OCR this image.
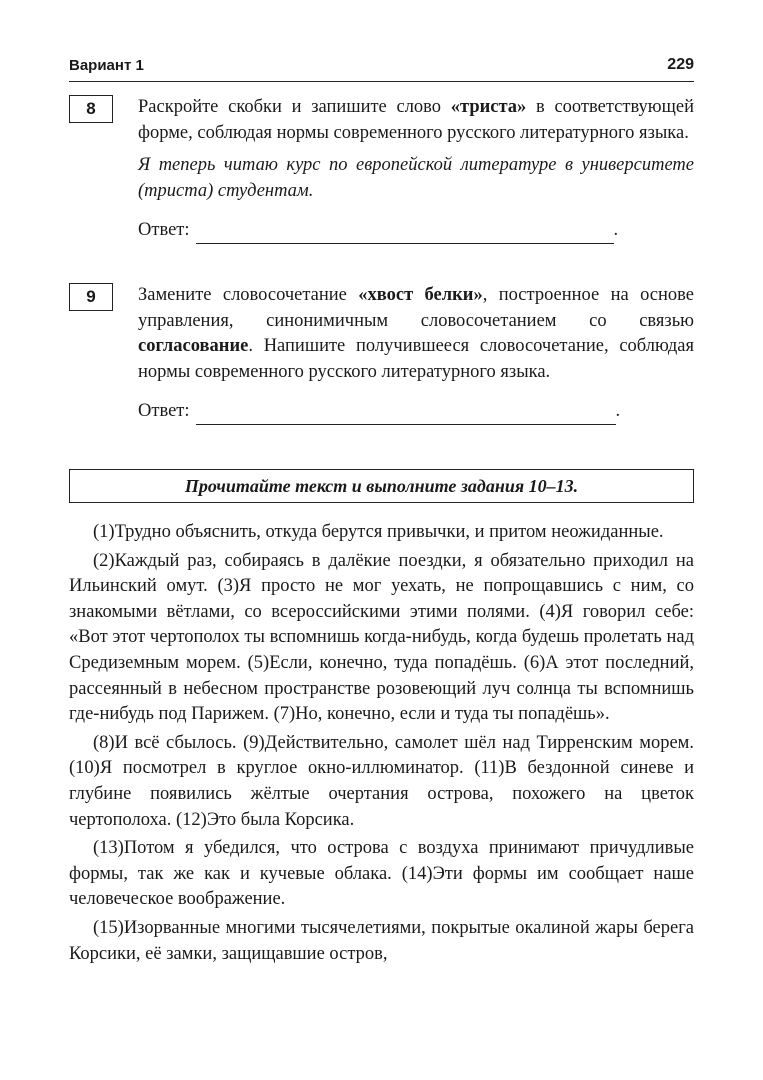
Вариант 1	229
8	Раскройте скобки и запишите слово «триста» в соответствующей форме, соблюдая нормы современного русского литературного языка.

Я теперь читаю курс по европейской литературе в университете (триста) студентам.

Ответ:	.
9	Замените словосочетание «хвост белки», построенное на основе управления, синонимичным словосочетанием со связью согласование. Напишите получившееся словосочетание, соблюдая нормы современного русского литературного языка.

Ответ:	.
Прочитайте текст и выполните задания 10–13.

(1)Трудно объяснить, откуда берутся привычки, и притом неожиданные.

(2)Каждый раз, собираясь в далёкие поездки, я обязательно приходил на Ильинский омут. (3)Я просто не мог уехать, не попрощавшись с ним, со знакомыми вётлами, со всероссийскими этими полями. (4)Я говорил себе: «Вот этот чертополох ты вспомнишь когда-нибудь, когда будешь пролетать над Средиземным морем. (5)Если, конечно, туда попадёшь. (6)А этот последний, рассеянный в небесном пространстве розовеющий луч солнца ты вспомнишь где-нибудь под Парижем. (7)Но, конечно, если и туда ты попадёшь».

(8)И всё сбылось. (9)Действительно, самолет шёл над Тирренским морем. (10)Я посмотрел в круглое окно-иллюминатор. (11)В бездонной синеве и глубине появились жёлтые очертания острова, похожего на цветок чертополоха. (12)Это была Корсика.

(13)Потом я убедился, что острова с воздуха принимают причудливые формы, так же как и кучевые облака. (14)Эти формы им сообщает наше человеческое воображение.

(15)Изорванные многими тысячелетиями, покрытые окалиной жары берега Корсики, её замки, защищавшие остров,
